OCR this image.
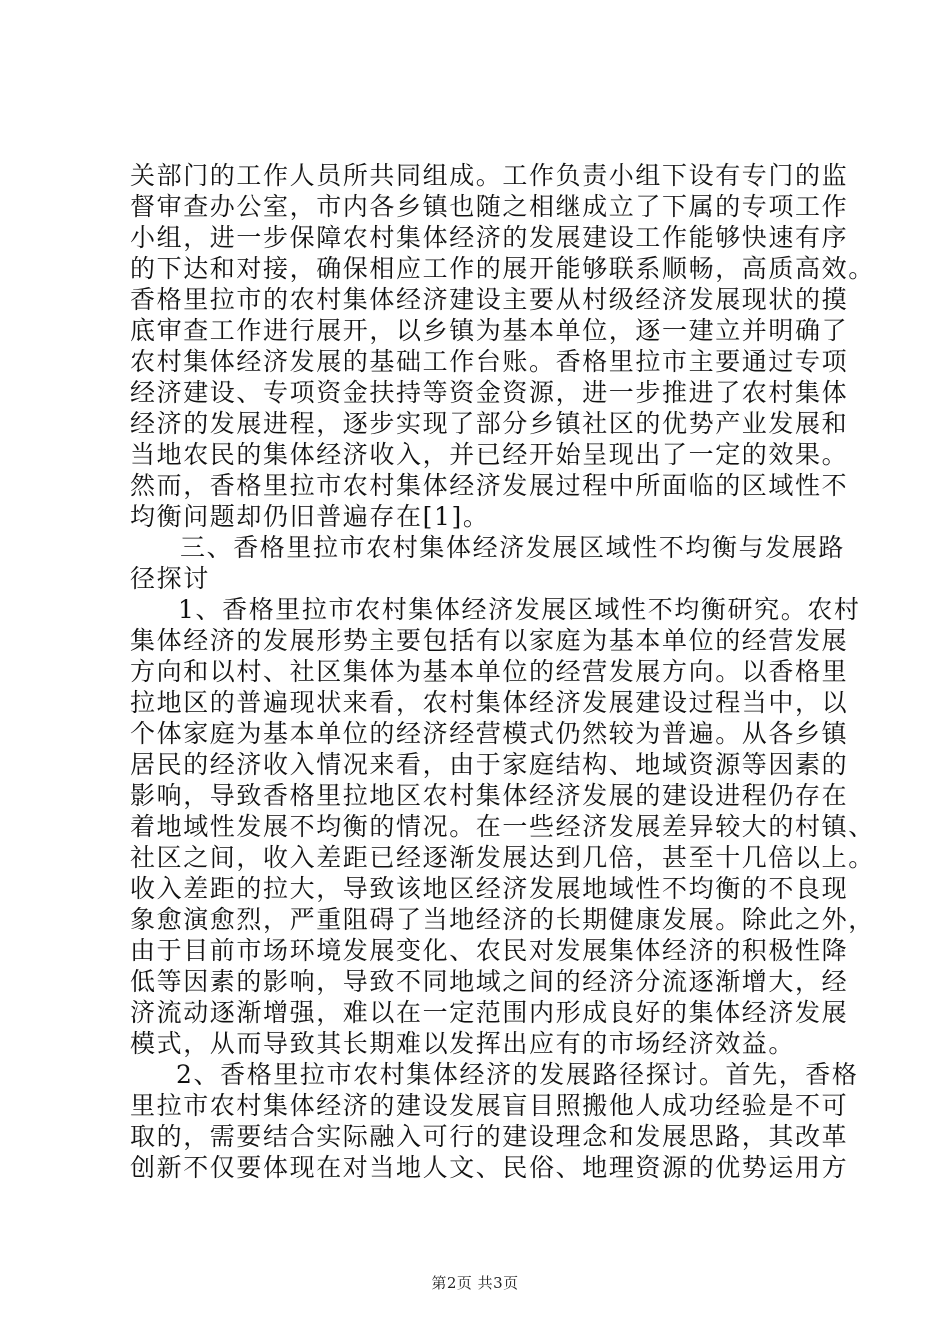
关部门的工作人员所共同组成。工作负责小组下设有专门的监
督审查办公室，市内各乡镇也随之相继成立了下属的专项工作
小组，进一步保障农村集体经济的发展建设工作能够快速有序
的下达和对接，确保相应工作的展开能够联系顺畅，高质高效。
香格里拉市的农村集体经济建设主要从村级经济发展现状的摸
底审查工作进行展开，以乡镇为基本单位，逐一建立并明确了
农村集体经济发展的基础工作台账。香格里拉市主要通过专项
经济建设、专项资金扶持等资金资源，进一步推进了农村集体
经济的发展进程，逐步实现了部分乡镇社区的优势产业发展和
当地农民的集体经济收入，并已经开始呈现出了一定的效果。
然而，香格里拉市农村集体经济发展过程中所面临的区域性不
均衡问题却仍旧普遍存在[1]。
三、香格里拉市农村集体经济发展区域性不均衡与发展路
径探讨
1、香格里拉市农村集体经济发展区域性不均衡研究。农村
集体经济的发展形势主要包括有以家庭为基本单位的经营发展
方向和以村、社区集体为基本单位的经营发展方向。以香格里
拉地区的普遍现状来看，农村集体经济发展建设过程当中，以
个体家庭为基本单位的经济经营模式仍然较为普遍。从各乡镇
居民的经济收入情况来看，由于家庭结构、地域资源等因素的
影响，导致香格里拉地区农村集体经济发展的建设进程仍存在
着地域性发展不均衡的情况。在一些经济发展差异较大的村镇、
社区之间，收入差距已经逐渐发展达到几倍，甚至十几倍以上。
收入差距的拉大，导致该地区经济发展地域性不均衡的不良现
象愈演愈烈，严重阻碍了当地经济的长期健康发展。除此之外，
由于目前市场环境发展变化、农民对发展集体经济的积极性降
低等因素的影响，导致不同地域之间的经济分流逐渐增大，经
济流动逐渐增强，难以在一定范围内形成良好的集体经济发展
模式，从而导致其长期难以发挥出应有的市场经济效益。
2、香格里拉市农村集体经济的发展路径探讨。首先，香格
里拉市农村集体经济的建设发展盲目照搬他人成功经验是不可
取的，需要结合实际融入可行的建设理念和发展思路，其改革
创新不仅要体现在对当地人文、民俗、地理资源的优势运用方
第2页 共3页
